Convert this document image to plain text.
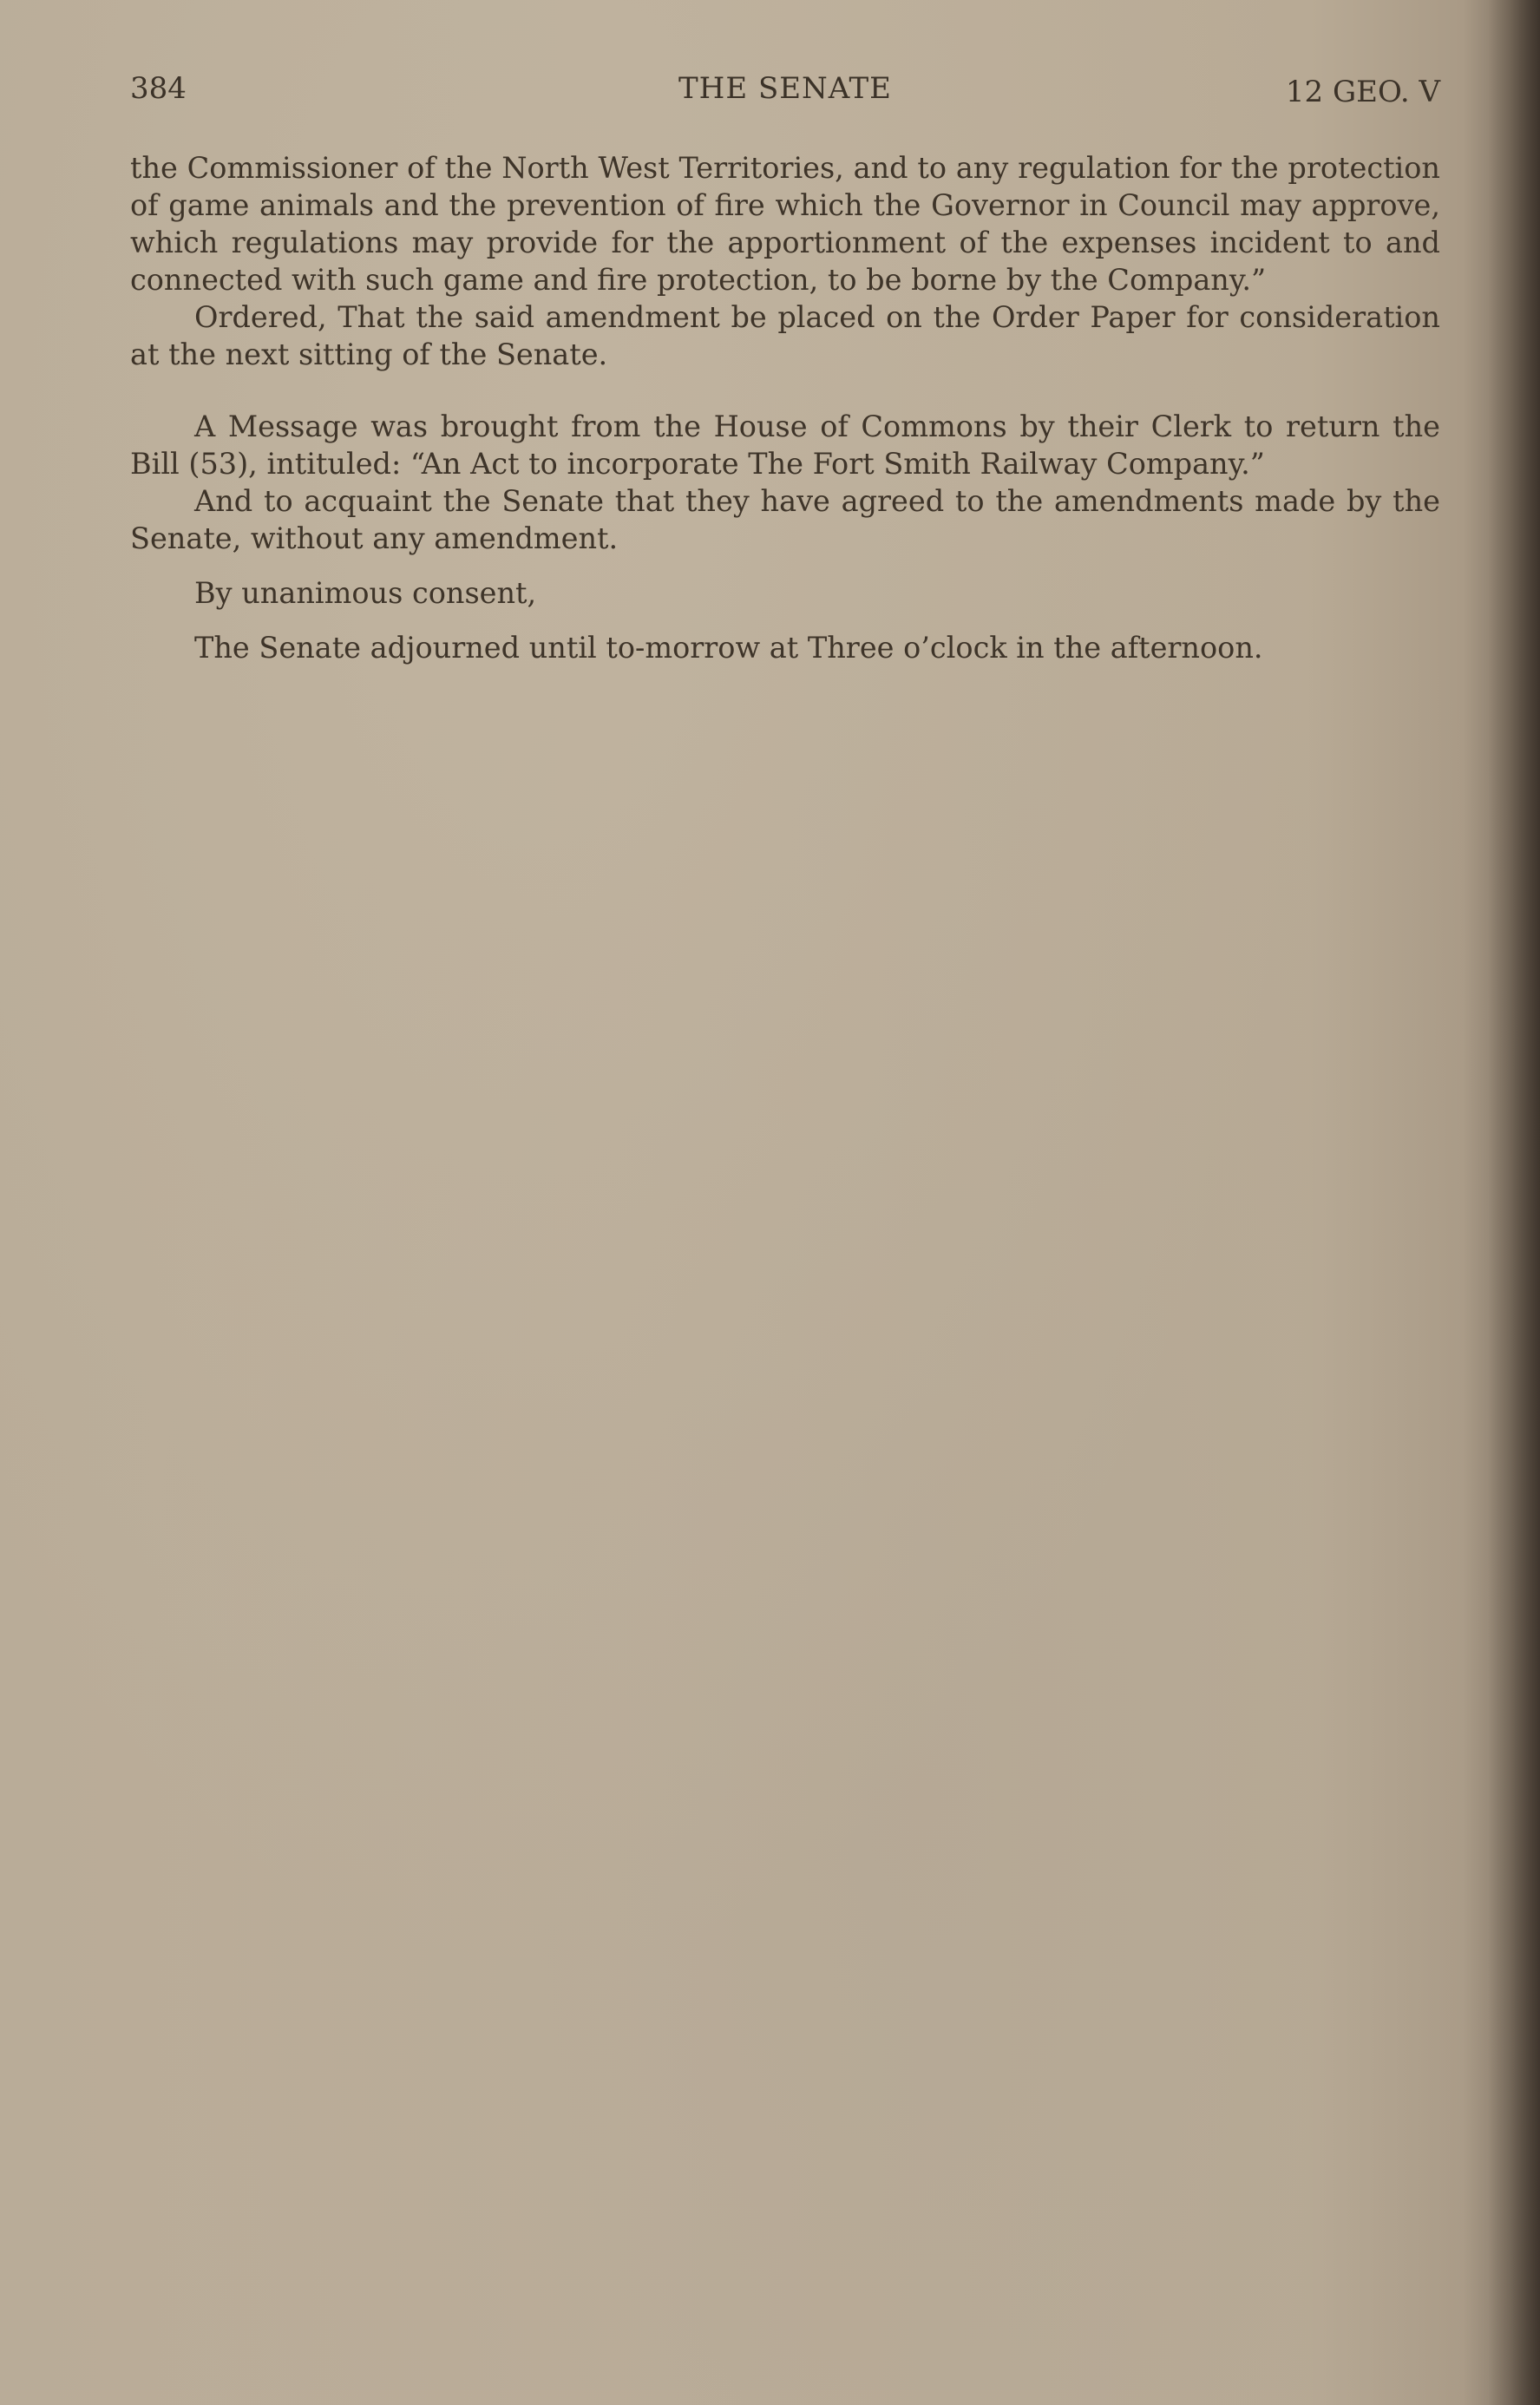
384	THE SENATE	12 GEO. V

the Commissioner of the North West Territories, and to any regulation for the protection of game animals and the prevention of fire which the Governor in Council may approve, which regulations may provide for the apportionment of the expenses incident to and connected with such game and fire protection, to be borne by the Company.”

Ordered, That the said amendment be placed on the Order Paper for consideration at the next sitting of the Senate.

A Message was brought from the House of Commons by their Clerk to return the Bill (53), intituled: “An Act to incorporate The Fort Smith Railway Company.”

And to acquaint the Senate that they have agreed to the amendments made by the Senate, without any amendment.

By unanimous consent,

The Senate adjourned until to-morrow at Three o’clock in the afternoon.
